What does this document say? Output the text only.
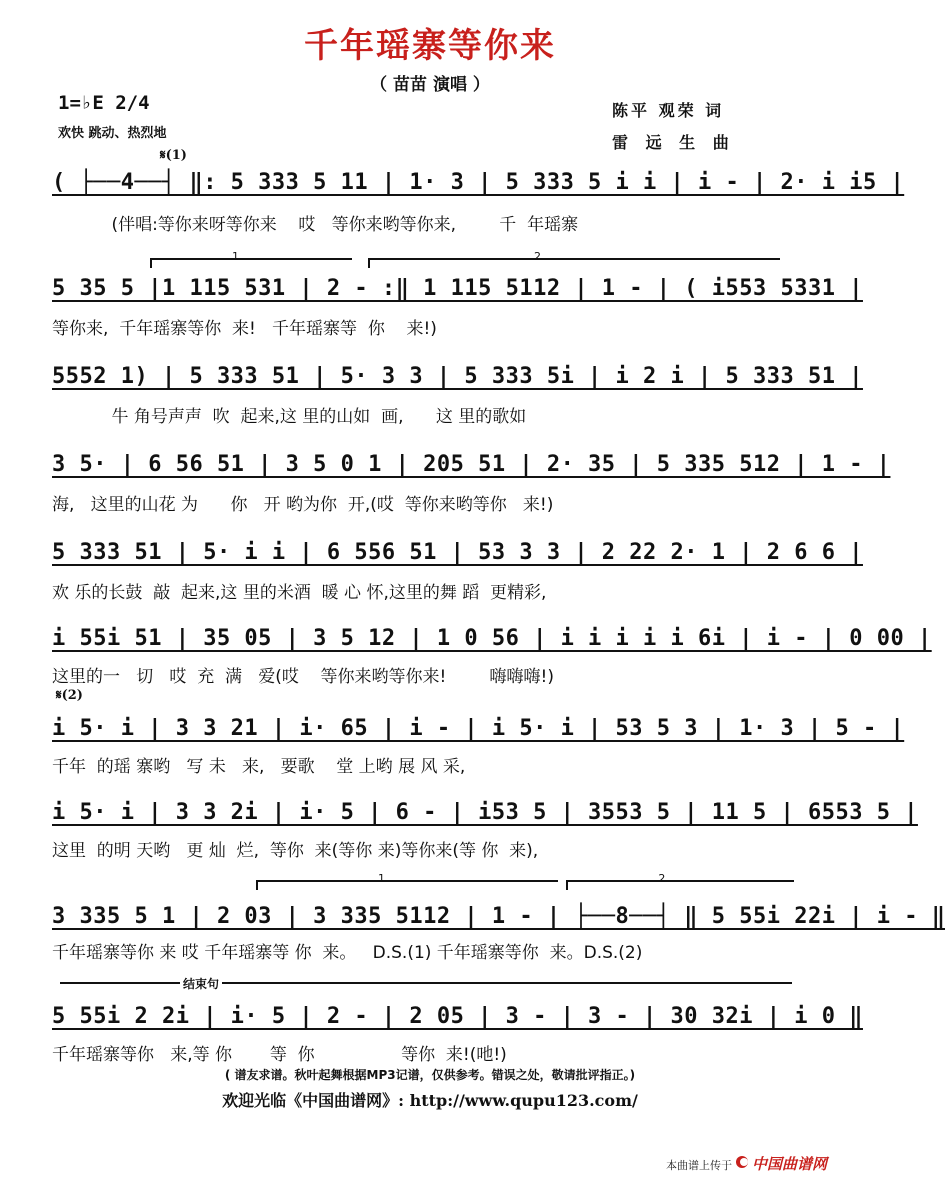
千年瑶寨等你来
（ 苗苗 演唱 ）
1=♭E 2/4
欢快 跳动、热烈地
陈平 观荣 词
雷 远 生 曲
𝄋(1)
( ├──4──┤ ‖: 5 333 5 11 | 1· 3 | 5 333 5 i i | i - | 2· i i5 |
(伴唱:等你来呀等你来    哎   等你来哟等你来,        千  年瑶寨
1	2
5 35 5 |1 115 531 | 2 - :‖ 1 115 5112 | 1 - | ( i553 5331 |
等你来,  千年瑶寨等你  来!   千年瑶寨等  你    来!)
5552 1) | 5 333 51 | 5· 3 3 | 5 333 5i | i 2 i | 5 333 51 |
牛 角号声声  吹  起来,这 里的山如  画,      这 里的歌如
3 5· | 6 56 51 | 3 5 0 1 | 205 51 | 2· 35 | 5 335 512 | 1 - |
海,   这里的山花 为      你   开 哟为你  开,(哎  等你来哟等你   来!)
5 333 51 | 5· i i | 6 556 51 | 53 3 3 | 2 22 2· 1 | 2 6 6 |
欢 乐的长鼓  敲  起来,这 里的米酒  暖 心 怀,这里的舞 蹈  更精彩,
i 55i 51 | 35 05 | 3 5 12 | 1 0 56 | i i i i i 6i | i - | 0 00 |
这里的一   切   哎  充  满   爱(哎    等你来哟等你来!        嗨嗨嗨!)
𝄋(2)
i 5· i | 3 3 21 | i· 65 | i - | i 5· i | 53 5 3 | 1· 3 | 5 - |
千年  的瑶 寨哟   写 未   来,   要歌    堂 上哟 展 风 采,
i 5· i | 3 3 2i | i· 5 | 6 - | i53 5 | 3553 5 | 11 5 | 6553 5 |
这里  的明 天哟   更 灿  烂,  等你  来(等你 来)等你来(等 你  来),
1	2
3 335 5 1 | 2 03 | 3 335 5112 | 1 - | ├──8──┤ ‖ 5 55i 22i | i - ‖
千年瑶寨等你 来 哎 千年瑶寨等 你  来。   D.S.(1) 千年瑶寨等你  来。D.S.(2)
结束句
5 55i 2 2i | i· 5 | 2 - | 2 05 | 3 - | 3 - | 30 32i | i 0 ‖
千年瑶寨等你   来,等 你       等  你                等你  来!(吔!)
( 谱友求谱。秋叶起舞根据MP3记谱，仅供参考。错误之处，敬请批评指正。)
欢迎光临《中国曲谱网》: http://www.qupu123.com/
本曲谱上传于 中国曲谱网
